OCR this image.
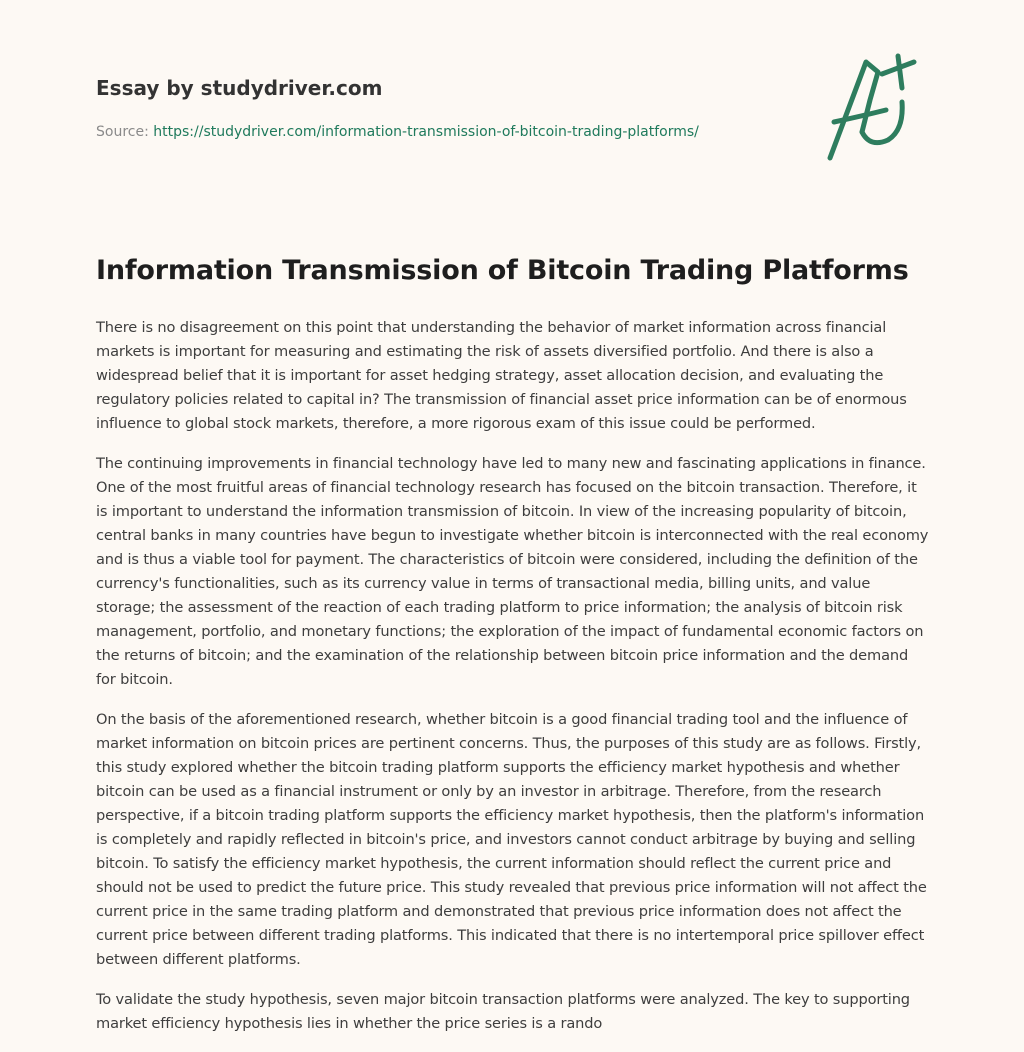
Essay by studydriver.com
Source: https://studydriver.com/information-transmission-of-bitcoin-trading-platforms/
Information Transmission of Bitcoin Trading Platforms

There is no disagreement on this point that understanding the behavior of market information across financial markets is important for measuring and estimating the risk of assets diversified portfolio. And there is also a widespread belief that it is important for asset hedging strategy, asset allocation decision, and evaluating the regulatory policies related to capital in? The transmission of financial asset price information can be of enormous influence to global stock markets, therefore, a more rigorous exam of this issue could be performed.

The continuing improvements in financial technology have led to many new and fascinating applications in finance. One of the most fruitful areas of financial technology research has focused on the bitcoin transaction. Therefore, it is important to understand the information transmission of bitcoin. In view of the increasing popularity of bitcoin, central banks in many countries have begun to investigate whether bitcoin is interconnected with the real economy and is thus a viable tool for payment. The characteristics of bitcoin were considered, including the definition of the currency's functionalities, such as its currency value in terms of transactional media, billing units, and value storage; the assessment of the reaction of each trading platform to price information; the analysis of bitcoin risk management, portfolio, and monetary functions; the exploration of the impact of fundamental economic factors on the returns of bitcoin; and the examination of the relationship between bitcoin price information and the demand for bitcoin.

On the basis of the aforementioned research, whether bitcoin is a good financial trading tool and the influence of market information on bitcoin prices are pertinent concerns. Thus, the purposes of this study are as follows. Firstly, this study explored whether the bitcoin trading platform supports the efficiency market hypothesis and whether bitcoin can be used as a financial instrument or only by an investor in arbitrage. Therefore, from the research perspective, if a bitcoin trading platform supports the efficiency market hypothesis, then the platform's information is completely and rapidly reflected in bitcoin's price, and investors cannot conduct arbitrage by buying and selling bitcoin. To satisfy the efficiency market hypothesis, the current information should reflect the current price and should not be used to predict the future price. This study revealed that previous price information will not affect the current price in the same trading platform and demonstrated that previous price information does not affect the current price between different trading platforms. This indicated that there is no intertemporal price spillover effect between different platforms.

To validate the study hypothesis, seven major bitcoin transaction platforms were analyzed. The key to supporting market efficiency hypothesis lies in whether the price series is a rando
